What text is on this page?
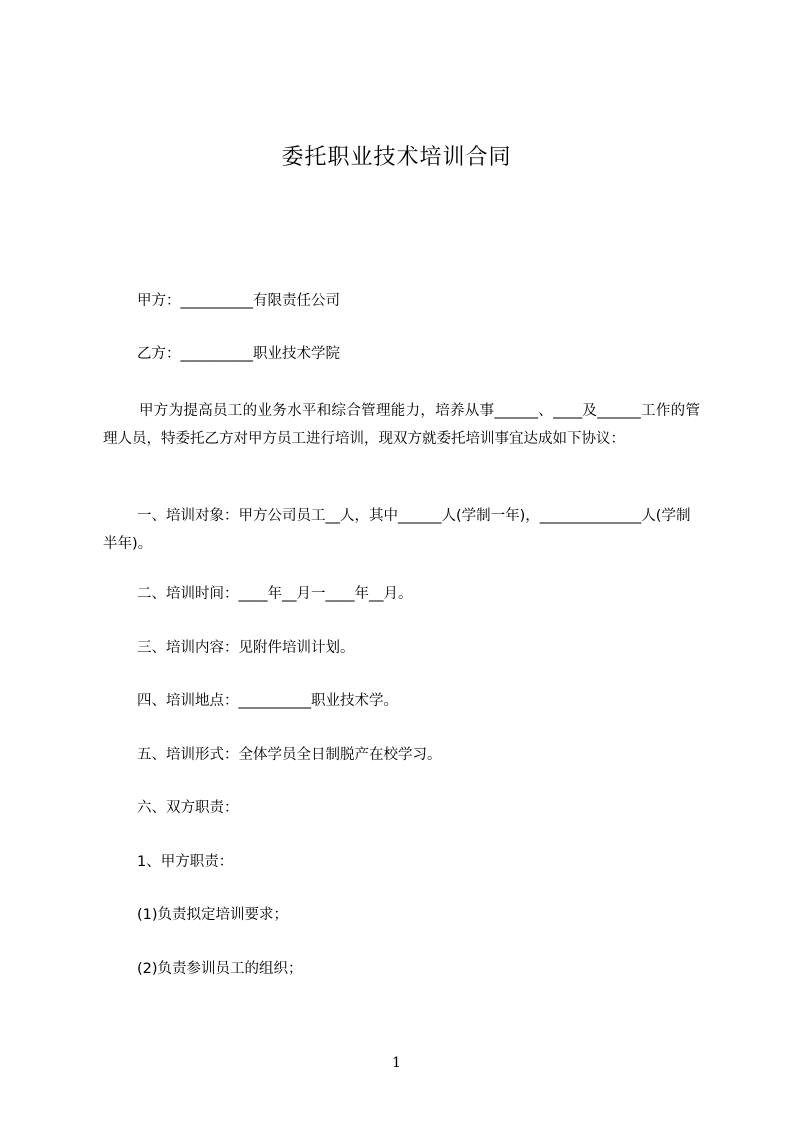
委托职业技术培训合同
甲方：__________有限责任公司
乙方：__________职业技术学院
甲方为提高员工的业务水平和综合管理能力，培养从事______、____及______工作的管理人员，特委托乙方对甲方员工进行培训，现双方就委托培训事宜达成如下协议：
一、培训对象：甲方公司员工__人，其中______人(学制一年)，______________人(学制半年)。
二、培训时间：____年__月一____年__月。
三、培训内容：见附件培训计划。
四、培训地点：__________职业技术学。
五、培训形式：全体学员全日制脱产在校学习。
六、双方职责：
1、甲方职责：
(1)负责拟定培训要求；
(2)负责参训员工的组织；
1
